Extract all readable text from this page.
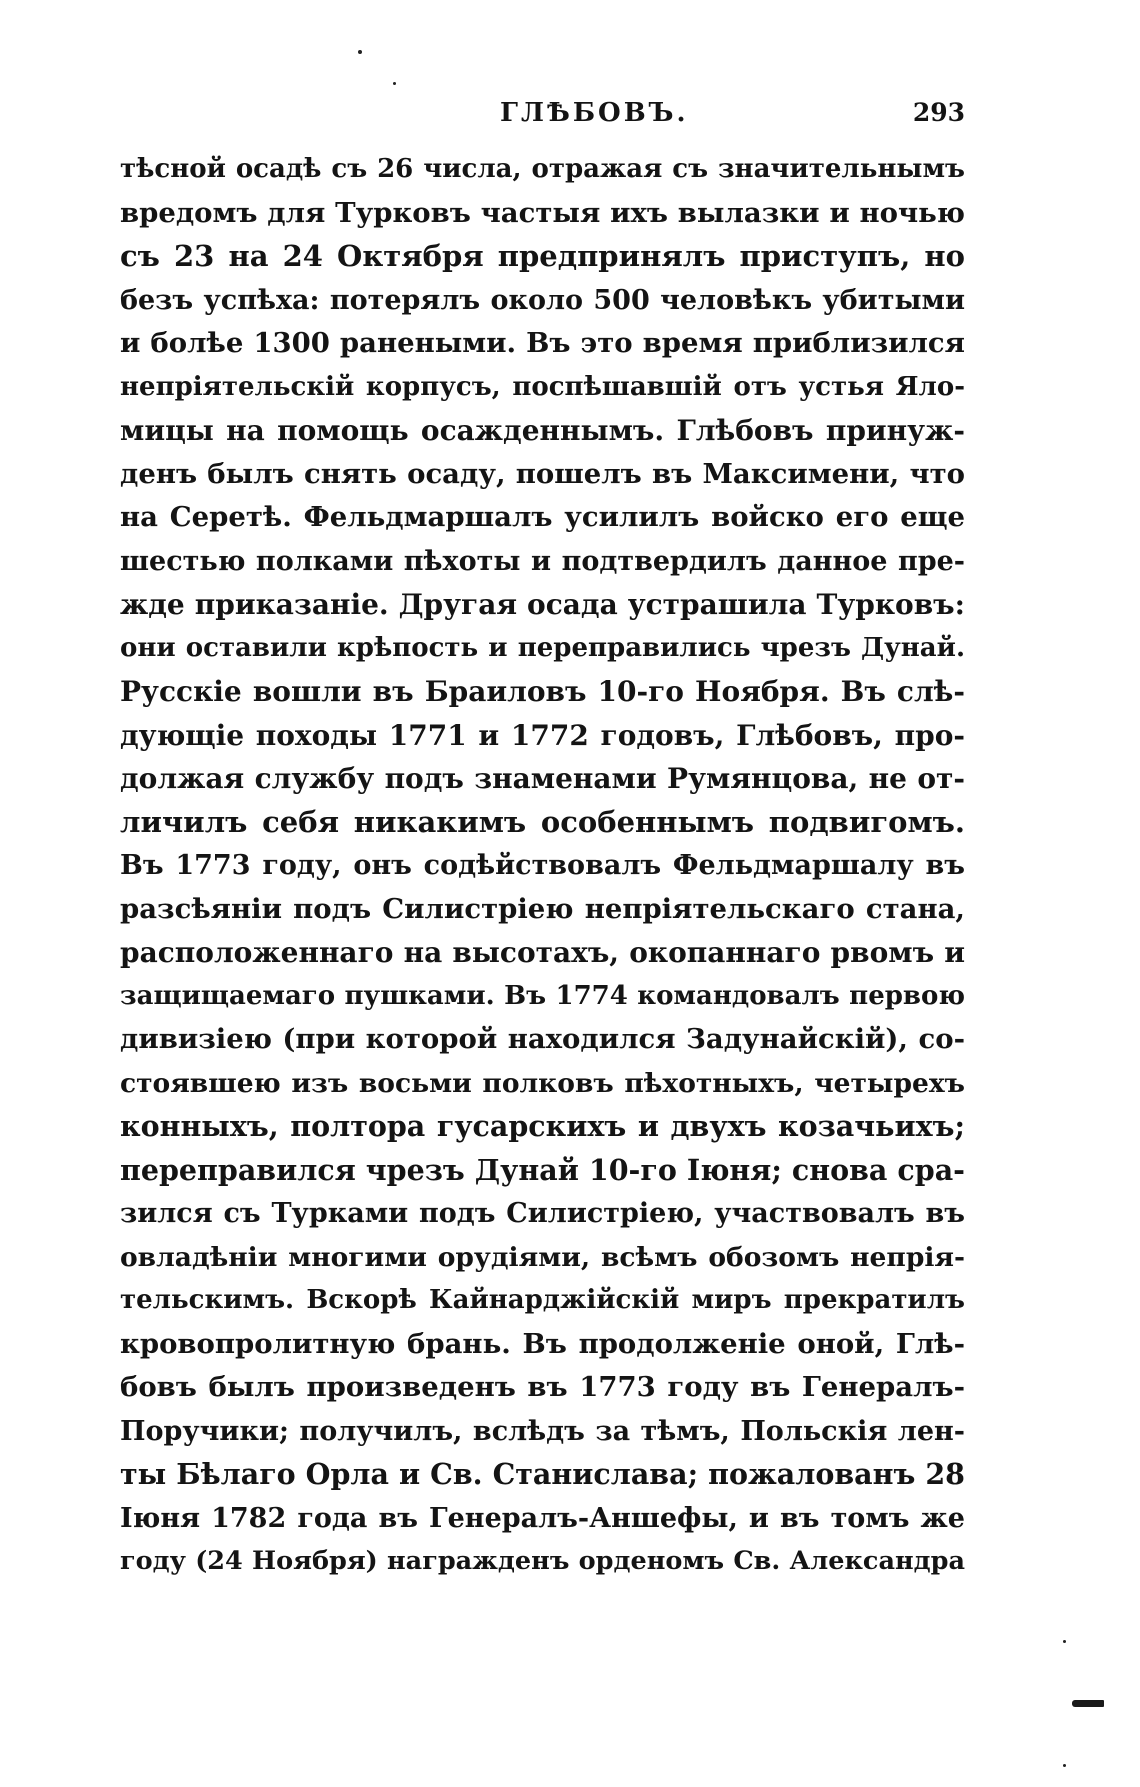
ГЛѢБОВЪ.	293
тѣсной осадѣ съ 26 числа, отражая съ значительнымъ
вредомъ для Турковъ частыя ихъ вылазки и ночью
съ 23 на 24 Октября предпринялъ приступъ, но
безъ успѣха: потерялъ около 500 человѣкъ убитыми
и болѣе 1300 ранеными. Въ это время приблизился
непріятельскій корпусъ, поспѣшавшій отъ устья Яло-
мицы на помощь осажденнымъ. Глѣбовъ принуж-
денъ былъ снять осаду, пошелъ въ Максимени, что
на Серетѣ. Фельдмаршалъ усилилъ войско его еще
шестью полками пѣхоты и подтвердилъ данное пре-
жде приказаніе. Другая осада устрашила Турковъ:
они оставили крѣпость и переправились чрезъ Дунай.
Русскіе вошли въ Браиловъ 10-го Ноября. Въ слѣ-
дующіе походы 1771 и 1772 годовъ, Глѣбовъ, про-
должая службу подъ знаменами Румянцова, не от-
личилъ себя никакимъ особеннымъ подвигомъ.
Въ 1773 году, онъ содѣйствовалъ Фельдмаршалу въ
разсѣяніи подъ Силистріею непріятельскаго стана,
расположеннаго на высотахъ, окопаннаго рвомъ и
защищаемаго пушками. Въ 1774 командовалъ первою
дивизіею (при которой находился Задунайскій), со-
стоявшею изъ восьми полковъ пѣхотныхъ, четырехъ
конныхъ, полтора гусарскихъ и двухъ козачьихъ;
переправился чрезъ Дунай 10-го Іюня; снова сра-
зился съ Турками подъ Силистріею, участвовалъ въ
овладѣніи многими орудіями, всѣмъ обозомъ непрія-
тельскимъ. Вскорѣ Кайнарджійскій миръ прекратилъ
кровопролитную брань. Въ продолженіе оной, Глѣ-
бовъ былъ произведенъ въ 1773 году въ Генералъ-
Поручики; получилъ, вслѣдъ за тѣмъ, Польскія лен-
ты Бѣлаго Орла и Св. Станислава; пожалованъ 28
Іюня 1782 года въ Генералъ-Аншефы, и въ томъ же
году (24 Ноября) награжденъ орденомъ Св. Александра
